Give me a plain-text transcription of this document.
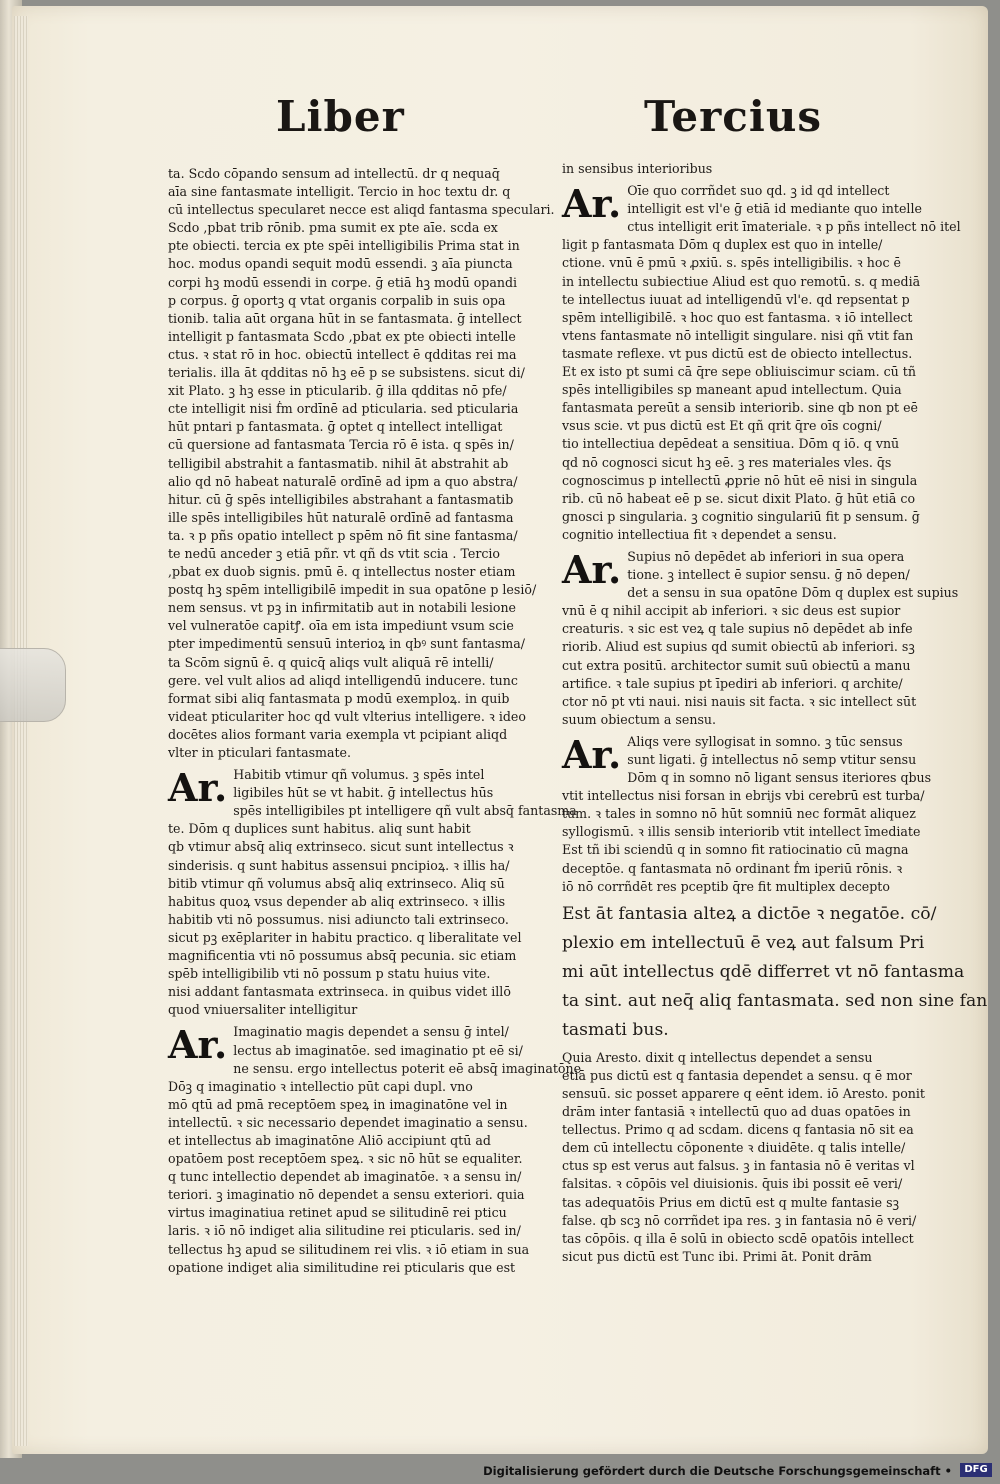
Liber	Tercius
ta. Scdo cōpando sensum ad intellectū. dr q nequaq̄
aīa sine fantasmate intelligit. Tercio in hoc textu dr. q
cū intellectus specularet necce est aliqd fantasma speculari.
Scdo ,pbat trib rōnib. pma sumit ex pte aīe. scda ex
pte obiecti. tercia ex pte spēi intelligibilis Prima stat in
hoc. modus opandi sequit modū essendi. ꝫ aīa piuncta
corpi hꝫ modū essendi in corpe. ḡ etiā hꝫ modū opandi
p corpus. ḡ oportꝫ q vtat organis corpalib in suis opa
tionib. talia aūt organa hūt in se fantasmata. ḡ intellect
intelligit p fantasmata Scdo ,pbat ex pte obiecti intelle
ctus. ꝛ stat rō in hoc. obiectū intellect ē qdditas rei ma
terialis. illa āt qdditas nō hꝫ eē p se subsistens. sicut di/
xit Plato. ꝫ hꝫ esse in pticularib. ḡ illa qdditas nō pfe/
cte intelligit nisi ḟm ordīnē ad pticularia. sed pticularia
hūt pntari p fantasmata. ḡ optet q intellect intelligat
cū quersione ad fantasmata Tercia rō ē ista. q spēs in/
telligibil abstrahit a fantasmatib. nihil āt abstrahit ab
alio qd nō habeat naturalē ordīnē ad ipm a quo abstra/
hitur. cū ḡ spēs intelligibiles abstrahant a fantasmatib
ille spēs intelligibiles hūt naturalē ordīnē ad fantasma
ta. ꝛ p pñs opatio intellect p spēm nō fit sine fantasma/
te nedū anceder ꝫ etiā pñr. vt qñ ds vtit scia . Tercio
,pbat ex duob signis. pmū ē. q intellectus noster etiam
postq hꝫ spēm intelligibilē impedit in sua opatōne p lesiō/
nem sensus. vt pꝫ in infirmitatib aut in notabili lesione
vel vulneratōe capitꝭ. oīa em ista impediunt vsum scie
pter impedimentū sensuū interioꝝ in qbꝰ sunt fantasma/
ta Scōm signū ē. q quicq̄ aliqs vult aliquā rē intelli/
gere. vel vult alios ad aliqd intelligendū inducere. tunc
format sibi aliq fantasmata p modū exemploꝝ. in quib
videat pticulariter hoc qd vult vlterius intelligere. ꝛ ideo
docētes alios formant varia exempla vt pcipiant aliqd
vlter in pticulari fantasmate.
Ar. Habitib vtimur qñ volumus. ꝫ spēs intel
ligibiles hūt se vt habit. ḡ intellectus hūs
spēs intelligibiles pt intelligere qñ vult absq̄ fantasma
te. Dōm q duplices sunt habitus. aliq sunt habit
qb vtimur absq̄ aliq extrinseco. sicut sunt intellectus ꝛ
sinderisis. q sunt habitus assensui pncipioꝝ. ꝛ illis ha/
bitib vtimur qñ volumus absq̄ aliq extrinseco. Aliq sū
habitus quoꝝ vsus depender ab aliq extrinseco. ꝛ illis
habitib vti nō possumus. nisi adiuncto tali extrinseco.
sicut pꝫ exēplariter in habitu practico. q liberalitate vel
magnificentia vti nō possumus absq̄ pecunia. sic etiam
spēb intelligibilib vti nō possum p statu huius vite.
nisi addant fantasmata extrinseca. in quibus videt illō
quod vniuersaliter intelligitur
Ar. Imaginatio magis dependet a sensu ḡ intel/
lectus ab imaginatōe. sed imaginatio pt eē si/
ne sensu. ergo intellectus poterit eē absq̄ imaginatōne
Dōꝫ q imaginatio ꝛ intellectio pūt capi dupl. vno
mō qtū ad pmā receptōem speꝝ in imaginatōne vel in
intellectū. ꝛ sic necessario dependet imaginatio a sensu.
et intellectus ab imaginatōne Aliō accipiunt qtū ad
opatōem post receptōem speꝝ. ꝛ sic nō hūt se equaliter.
q tunc intellectio dependet ab imaginatōe. ꝛ a sensu in/
teriori. ꝫ imaginatio nō dependet a sensu exteriori. quia
virtus imaginatiua retinet apud se silitudinē rei pticu
laris. ꝛ iō nō indiget alia silitudine rei pticularis. sed in/
tellectus hꝫ apud se silitudinem rei vlis. ꝛ iō etiam in sua
opatione indiget alia similitudine rei pticularis que est
in sensibus interioribus
Ar. Oīe quo corrñdet suo qd. ꝫ id qd intellect
intelligit est vl'e ḡ etiā id mediante quo intelle
ctus intelligit erit īmateriale. ꝛ p pñs intellect nō itel
ligit p fantasmata Dōm q duplex est quo in intelle/
ctione. vnū ē pmū ꝛ ꝓxiū. s. spēs intelligibilis. ꝛ hoc ē
in intellectu subiectiue Aliud est quo remotū. s. q mediā
te intellectus iuuat ad intelligendū vl'e. qd repsentat p
spēm intelligibilē. ꝛ hoc quo est fantasma. ꝛ iō intellect
vtens fantasmate nō intelligit singulare. nisi qñ vtit fan
tasmate reflexe. vt pus dictū est de obiecto intellectus.
Et ex isto pt sumi cā q̄re sepe obliuiscimur sciam. cū tñ
spēs intelligibiles sp maneant apud intellectum. Quia
fantasmata pereūt a sensib interiorib. sine qb non pt eē
vsus scie. vt pus dictū est Et qñ qrit q̄re oīs cogni/
tio intellectiua depēdeat a sensitiua. Dōm q iō. q vnū
qd nō cognosci sicut hꝫ eē. ꝫ res materiales vles. q̄s
cognoscimus p intellectū ꝓprie nō hūt eē nisi in singula
rib. cū nō habeat eē p se. sicut dixit Plato. ḡ hūt etiā co
gnosci p singularia. ꝫ cognitio singulariū fit p sensum. ḡ
cognitio intellectiua fit ꝛ dependet a sensu.
Ar. Supius nō depēdet ab inferiori in sua opera
tione. ꝫ intellect ē supior sensu. ḡ nō depen/
det a sensu in sua opatōne Dōm q duplex est supius
vnū ē q nihil accipit ab inferiori. ꝛ sic deus est supior
creaturis. ꝛ sic est veꝝ q tale supius nō depēdet ab infe
riorib. Aliud est supius qd sumit obiectū ab inferiori. sꝫ
cut extra positū. architector sumit suū obiectū a manu
artifice. ꝛ tale supius pt īpediri ab inferiori. q archite/
ctor nō pt vti naui. nisi nauis sit facta. ꝛ sic intellect sūt
suum obiectum a sensu.
Ar. Aliqs vere syllogisat in somno. ꝫ tūc sensus
sunt ligati. ḡ intellectus nō semp vtitur sensu
Dōm q in somno nō ligant sensus iteriores qbus
vtit intellectus nisi forsan in ebrijs vbi cerebrū est turba/
tum. ꝛ tales in somno nō hūt somniū nec formāt aliquez
syllogismū. ꝛ illis sensib interiorib vtit intellect īmediate
Est tñ ibi sciendū q in somno fit ratiocinatio cū magna
deceptōe. q fantasmata nō ordinant ḟm iperiū rōnis. ꝛ
iō nō corrñdēt res pceptib q̄re fit multiplex decepto
Est āt fantasia alteꝝ a dictōe ꝛ negatōe. cō/
plexio em intellectuū ē veꝝ aut falsum Pri
mi aūt intellectus qdē differret vt nō fantasma
ta sint. aut neq̄ aliq fantasmata. sed non sine fan
tasmati bus.
Quia Aresto. dixit q intellectus dependet a sensu
etiā pus dictū est q fantasia dependet a sensu. q ē mor
sensuū. sic posset apparere q eēnt idem. iō Aresto. ponit
drām inter fantasiā ꝛ intellectū quo ad duas opatōes in
tellectus. Primo q ad scdam. dicens q fantasia nō sit ea
dem cū intellectu cōponente ꝛ diuidēte. q talis intelle/
ctus sp est verus aut falsus. ꝫ in fantasia nō ē veritas vl
falsitas. ꝛ cōpōis vel diuisionis. q̄uis ibi possit eē veri/
tas adequatōis Prius em dictū est q multe fantasie sꝫ
false. qb scꝫ nō corrñdet ipa res. ꝫ in fantasia nō ē veri/
tas cōpōis. q illa ē solū in obiecto scdē opatōis intellect
sicut pus dictū est Tunc ibi. Primi āt. Ponit drām
Digitalisierung gefördert durch die Deutsche Forschungsgemeinschaft •	DFG
